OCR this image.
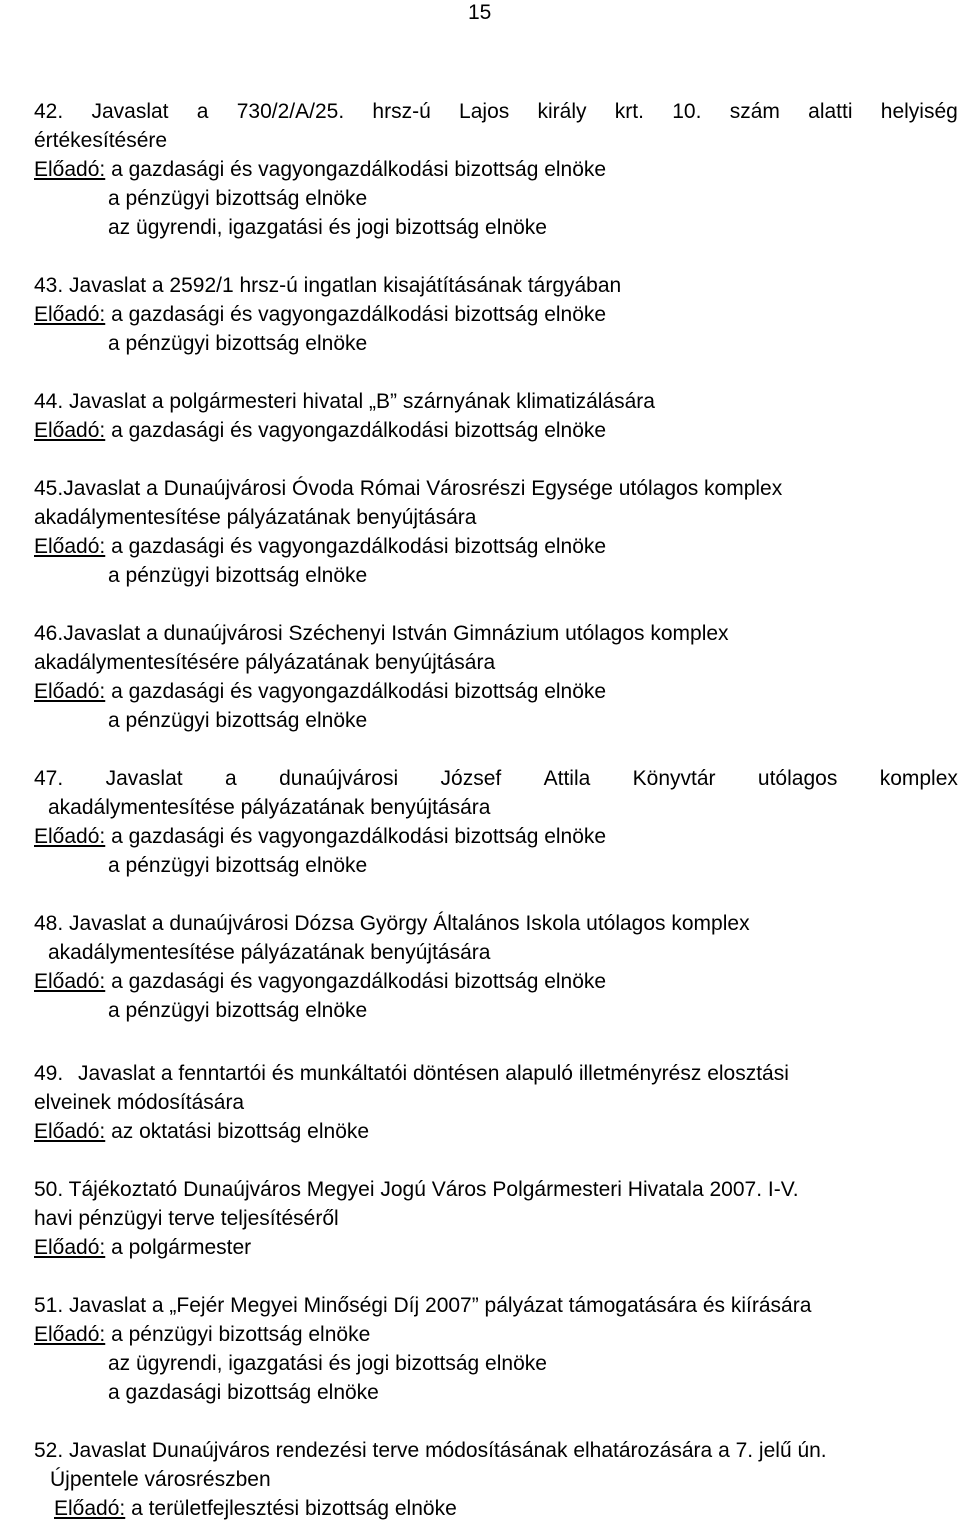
15
42. Javaslat a 730/2/A/25. hrsz-ú Lajos király krt. 10. szám alatti helyiség
értékesítésére
Előadó: a gazdasági és vagyongazdálkodási bizottság elnöke
a pénzügyi bizottság elnöke
az ügyrendi, igazgatási és jogi bizottság elnöke
43. Javaslat a 2592/1 hrsz-ú ingatlan kisajátításának tárgyában
Előadó: a gazdasági és vagyongazdálkodási bizottság elnöke
a pénzügyi bizottság elnöke
44. Javaslat a polgármesteri hivatal „B” szárnyának klimatizálására
Előadó: a gazdasági és vagyongazdálkodási bizottság elnöke
45.Javaslat a Dunaújvárosi Óvoda Római Városrészi Egysége utólagos komplex
akadálymentesítése pályázatának benyújtására
Előadó: a gazdasági és vagyongazdálkodási bizottság elnöke
a pénzügyi bizottság elnöke
46.Javaslat a dunaújvárosi Széchenyi István Gimnázium utólagos komplex
akadálymentesítésére pályázatának benyújtására
Előadó: a gazdasági és vagyongazdálkodási bizottság elnöke
a pénzügyi bizottság elnöke
47. Javaslat a dunaújvárosi József Attila Könyvtár utólagos komplex
akadálymentesítése pályázatának benyújtására
Előadó: a gazdasági és vagyongazdálkodási bizottság elnöke
a pénzügyi bizottság elnöke
48. Javaslat a dunaújvárosi Dózsa György Általános Iskola utólagos komplex
akadálymentesítése pályázatának benyújtására
Előadó: a gazdasági és vagyongazdálkodási bizottság elnöke
a pénzügyi bizottság elnöke
49. Javaslat a fenntartói és munkáltatói döntésen alapuló illetményrész elosztási
elveinek módosítására
Előadó: az oktatási bizottság elnöke
50. Tájékoztató Dunaújváros Megyei Jogú Város Polgármesteri Hivatala 2007. I-V.
havi pénzügyi terve teljesítéséről
Előadó: a polgármester
51. Javaslat a „Fejér Megyei Minőségi Díj 2007” pályázat támogatására és kiírására
Előadó: a pénzügyi bizottság elnöke
az ügyrendi, igazgatási és jogi bizottság elnöke
a gazdasági bizottság elnöke
52. Javaslat Dunaújváros rendezési terve módosításának elhatározására a 7. jelű ún.
Újpentele városrészben
Előadó: a területfejlesztési bizottság elnöke
